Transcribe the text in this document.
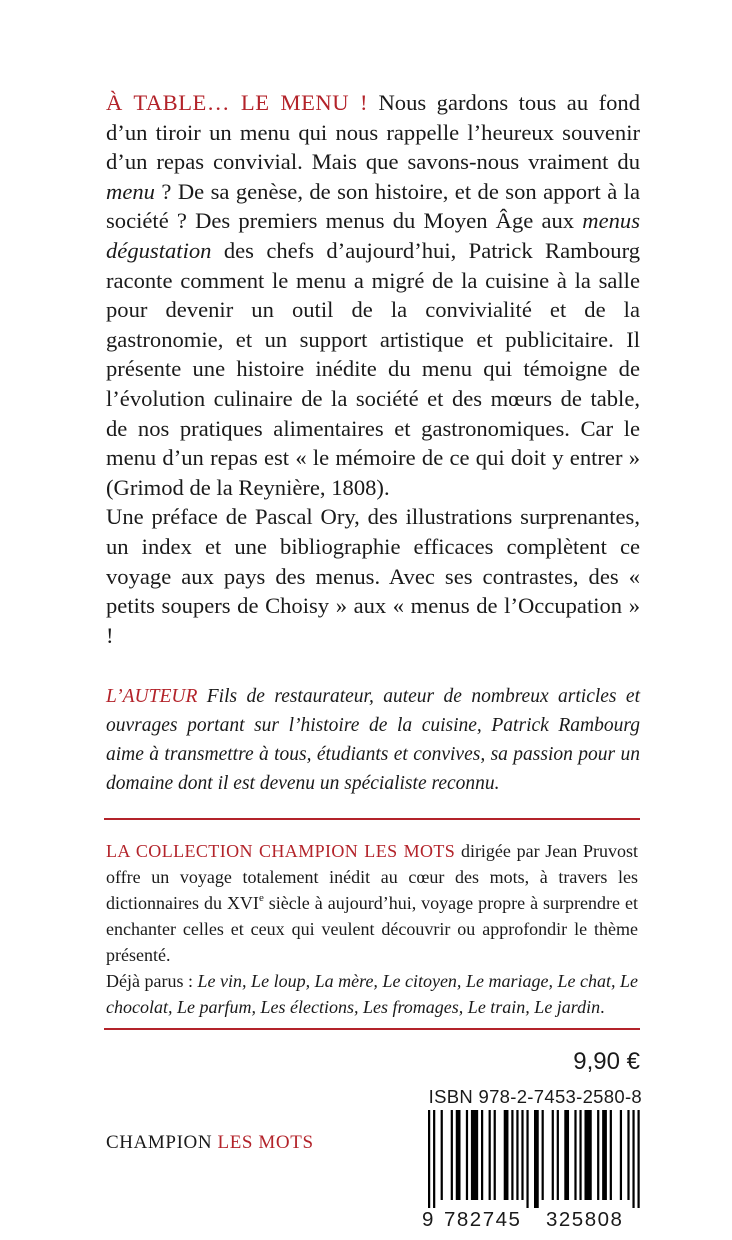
À TABLE… LE MENU ! Nous gardons tous au fond d’un tiroir un menu qui nous rappelle l’heureux souvenir d’un repas convivial. Mais que savons-nous vraiment du menu ? De sa genèse, de son histoire, et de son apport à la société ? Des premiers menus du Moyen Âge aux menus dégustation des chefs d’aujourd’hui, Patrick Rambourg raconte comment le menu a migré de la cuisine à la salle pour devenir un outil de la convivialité et de la gastronomie, et un support artistique et publicitaire. Il présente une histoire inédite du menu qui témoigne de l’évolution culinaire de la société et des mœurs de table, de nos pratiques alimentaires et gastronomiques. Car le menu d’un repas est « le mémoire de ce qui doit y entrer » (Grimod de la Reynière, 1808).

Une préface de Pascal Ory, des illustrations surprenantes, un index et une bibliographie efficaces complètent ce voyage aux pays des menus. Avec ses contrastes, des « petits soupers de Choisy » aux « menus de l’Occupation » !

L’AUTEUR Fils de restaurateur, auteur de nombreux articles et ouvrages portant sur l’histoire de la cuisine, Patrick Rambourg aime à transmettre à tous, étudiants et convives, sa passion pour un domaine dont il est devenu un spécialiste reconnu.

LA COLLECTION CHAMPION LES MOTS dirigée par Jean Pruvost offre un voyage totalement inédit au cœur des mots, à travers les dictionnaires du XVIe siècle à aujourd’hui, voyage propre à surprendre et enchanter celles et ceux qui veulent découvrir ou approfondir le thème présenté.

Déjà parus : Le vin, Le loup, La mère, Le citoyen, Le mariage, Le chat, Le chocolat, Le parfum, Les élections, Les fromages, Le train, Le jardin.

9,90 €
ISBN 978-2-7453-2580-8
9 782745 325808
CHAMPION LES MOTS
